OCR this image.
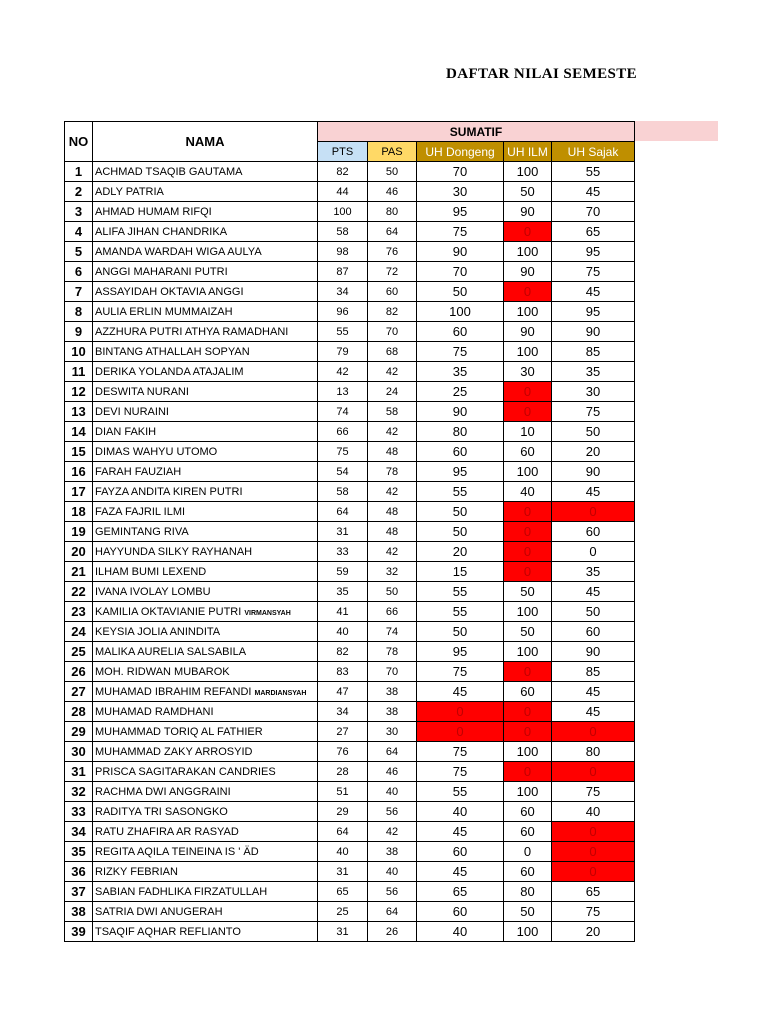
DAFTAR NILAI SEMESTE
NO	NAMA	SUMATIF				
		PTS	PAS	UH Dongeng	UH ILM	UH Sajak
1	ACHMAD TSAQIB GAUTAMA	82	50	70	100	55
2	ADLY PATRIA	44	46	30	50	45
3	AHMAD HUMAM RIFQI	100	80	95	90	70
4	ALIFA JIHAN CHANDRIKA	58	64	75	0	65
5	AMANDA WARDAH WIGA AULYA	98	76	90	100	95
6	ANGGI MAHARANI PUTRI	87	72	70	90	75
7	ASSAYIDAH OKTAVIA ANGGI	34	60	50	0	45
8	AULIA ERLIN MUMMAIZAH	96	82	100	100	95
9	AZZHURA PUTRI ATHYA RAMADHANI	55	70	60	90	90
10	BINTANG ATHALLAH SOPYAN	79	68	75	100	85
11	DERIKA YOLANDA ATAJALIM	42	42	35	30	35
12	DESWITA NURANI	13	24	25	0	30
13	DEVI NURAINI	74	58	90	0	75
14	DIAN FAKIH	66	42	80	10	50
15	DIMAS WAHYU UTOMO	75	48	60	60	20
16	FARAH FAUZIAH	54	78	95	100	90
17	FAYZA ANDITA KIREN PUTRI	58	42	55	40	45
18	FAZA FAJRIL ILMI	64	48	50	0	0
19	GEMINTANG RIVA	31	48	50	0	60
20	HAYYUNDA SILKY RAYHANAH	33	42	20	0	0
21	ILHAM BUMI LEXEND	59	32	15	0	35
22	IVANA IVOLAY LOMBU	35	50	55	50	45
23	KAMILIA OKTAVIANIE PUTRI VIRMANSYAH	41	66	55	100	50
24	KEYSIA JOLIA ANINDITA	40	74	50	50	60
25	MALIKA AURELIA SALSABILA	82	78	95	100	90
26	MOH. RIDWAN MUBAROK	83	70	75	0	85
27	MUHAMAD IBRAHIM REFANDI MARDIANSYAH	47	38	45	60	45
28	MUHAMAD RAMDHANI	34	38	0	0	45
29	MUHAMMAD TORIQ AL FATHIER	27	30	0	0	0
30	MUHAMMAD ZAKY ARROSYID	76	64	75	100	80
31	PRISCA SAGITARAKAN CANDRIES	28	46	75	0	0
32	RACHMA DWI ANGGRAINI	51	40	55	100	75
33	RADITYA TRI SASONGKO	29	56	40	60	40
34	RATU ZHAFIRA AR RASYAD	64	42	45	60	0
35	REGITA AQILA TEINEINA IS ' ÄD	40	38	60	0	0
36	RIZKY FEBRIAN	31	40	45	60	0
37	SABIAN FADHLIKA FIRZATULLAH	65	56	65	80	65
38	SATRIA DWI ANUGERAH	25	64	60	50	75
39	TSAQIF AQHAR REFLIANTO	31	26	40	100	20
